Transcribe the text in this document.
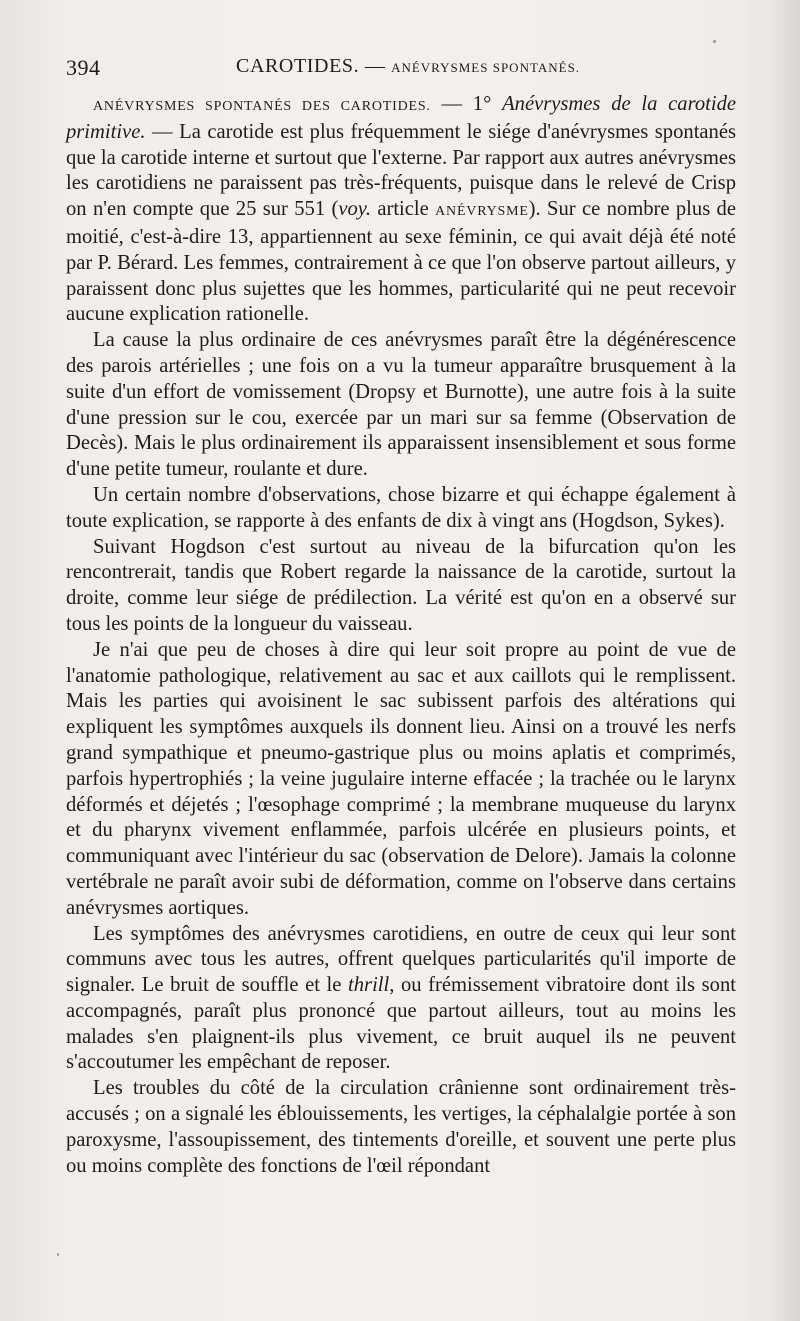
394	CAROTIDES. — ANÉVRYSMES SPONTANÉS.

ANÉVRYSMES SPONTANÉS DES CAROTIDES. — 1° Anévrysmes de la carotide primitive. — La carotide est plus fréquemment le siége d'anévrysmes spontanés que la carotide interne et surtout que l'externe. Par rapport aux autres anévrysmes les carotidiens ne paraissent pas très-fréquents, puisque dans le relevé de Crisp on n'en compte que 25 sur 551 (voy. article ANÉVRYSME). Sur ce nombre plus de moitié, c'est-à-dire 13, appartiennent au sexe féminin, ce qui avait déjà été noté par P. Bérard. Les femmes, contrairement à ce que l'on observe partout ailleurs, y paraissent donc plus sujettes que les hommes, particularité qui ne peut recevoir aucune explication rationelle.

La cause la plus ordinaire de ces anévrysmes paraît être la dégénérescence des parois artérielles ; une fois on a vu la tumeur apparaître brusquement à la suite d'un effort de vomissement (Dropsy et Burnotte), une autre fois à la suite d'une pression sur le cou, exercée par un mari sur sa femme (Observation de Decès). Mais le plus ordinairement ils apparaissent insensiblement et sous forme d'une petite tumeur, roulante et dure.

Un certain nombre d'observations, chose bizarre et qui échappe également à toute explication, se rapporte à des enfants de dix à vingt ans (Hogdson, Sykes).

Suivant Hogdson c'est surtout au niveau de la bifurcation qu'on les rencontrerait, tandis que Robert regarde la naissance de la carotide, surtout la droite, comme leur siége de prédilection. La vérité est qu'on en a observé sur tous les points de la longueur du vaisseau.

Je n'ai que peu de choses à dire qui leur soit propre au point de vue de l'anatomie pathologique, relativement au sac et aux caillots qui le remplissent. Mais les parties qui avoisinent le sac subissent parfois des altérations qui expliquent les symptômes auxquels ils donnent lieu. Ainsi on a trouvé les nerfs grand sympathique et pneumo-gastrique plus ou moins aplatis et comprimés, parfois hypertrophiés ; la veine jugulaire interne effacée ; la trachée ou le larynx déformés et déjetés ; l'œsophage comprimé ; la membrane muqueuse du larynx et du pharynx vivement enflammée, parfois ulcérée en plusieurs points, et communiquant avec l'intérieur du sac (observation de Delore). Jamais la colonne vertébrale ne paraît avoir subi de déformation, comme on l'observe dans certains anévrysmes aortiques.

Les symptômes des anévrysmes carotidiens, en outre de ceux qui leur sont communs avec tous les autres, offrent quelques particularités qu'il importe de signaler. Le bruit de souffle et le thrill, ou frémissement vibratoire dont ils sont accompagnés, paraît plus prononcé que partout ailleurs, tout au moins les malades s'en plaignent-ils plus vivement, ce bruit auquel ils ne peuvent s'accoutumer les empêchant de reposer.

Les troubles du côté de la circulation crânienne sont ordinairement très-accusés ; on a signalé les éblouissements, les vertiges, la céphalalgie portée à son paroxysme, l'assoupissement, des tintements d'oreille, et souvent une perte plus ou moins complète des fonctions de l'œil répondant
